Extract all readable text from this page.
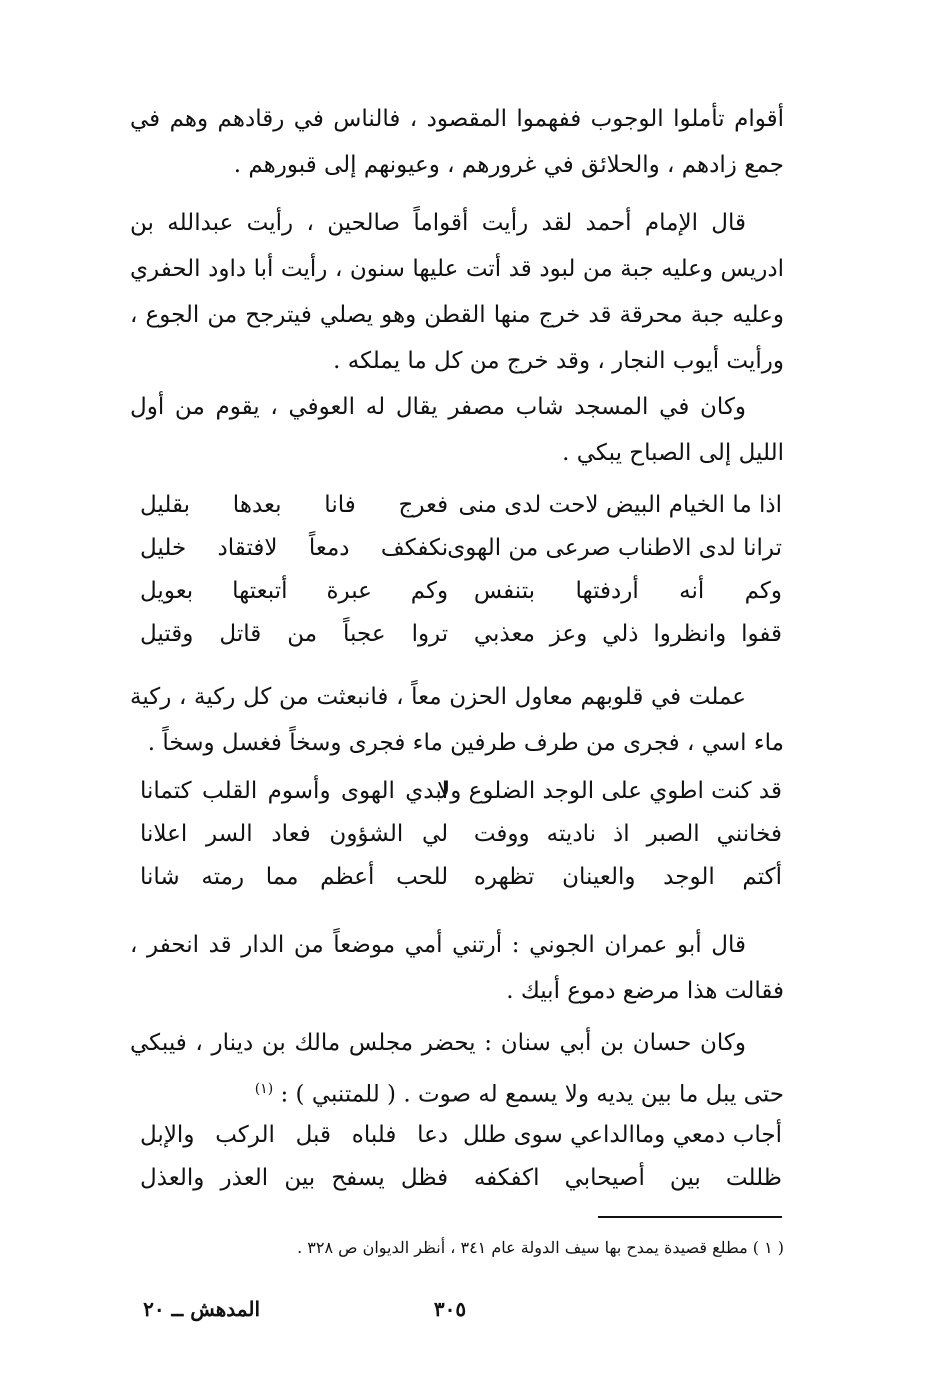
أقوام تأملوا الوجوب ففهموا المقصود ، فالناس في رقادهم وهم في جمع زادهم ، والحلائق في غرورهم ، وعيونهم إلى قبورهم .

قال الإمام أحمد لقد رأيت أقواماً صالحين ، رأيت عبدالله بن ادريس وعليه جبة من لبود قد أتت عليها سنون ، رأيت أبا داود الحفري وعليه جبة محرقة قد خرج منها القطن وهو يصلي فيترجح من الجوع ، ورأيت أيوب النجار ، وقد خرج من كل ما يملكه .

وكان في المسجد شاب مصفر يقال له العوفي ، يقوم من أول الليل إلى الصباح يبكي .

اذا ما الخيام البيض لاحت لدى منى
فعرج فانا بعدها بقليل
ترانا لدى الاطناب صرعى من الهوى
نكفكف دمعاً لافتقاد خليل
وكم أنه أردفتها بتنفس
وكم عبرة أتبعتها بعويل
قفوا وانظروا ذلي وعز معذبي
تروا عجباً من قاتل وقتيل

عملت في قلوبهم معاول الحزن معاً ، فانبعثت من كل ركية ، ركية ماء اسي ، فجرى من طرف طرفين ماء فجرى وسخاً فغسل وسخاً .

قد كنت اطوي على الوجد الضلوع ولا
ابدي الهوى وأسوم القلب كتمانا
فخانني الصبر اذ ناديته ووفت
لي الشؤون فعاد السر اعلانا
أكتم الوجد والعينان تظهره
للحب أعظم مما رمته شانا

قال أبو عمران الجوني : أرتني أمي موضعاً من الدار قد انحفر ، فقالت هذا مرضع دموع أبيك .

وكان حسان بن أبي سنان : يحضر مجلس مالك بن دينار ، فيبكي حتى يبل ما بين يديه ولا يسمع له صوت . ( للمتنبي ) : $^{(١)}$

أجاب دمعي وماالداعي سوى طلل
دعا فلباه قبل الركب والإبل
ظللت بين أصيحابي اكفكفه
فظل يسفح بين العذر والعذل

( ١ ) مطلع قصيدة يمدح بها سيف الدولة عام ٣٤١ ، أنظر الديوان ص ٣٢٨ .

٣٠٥
المدهش ــ ٢٠
